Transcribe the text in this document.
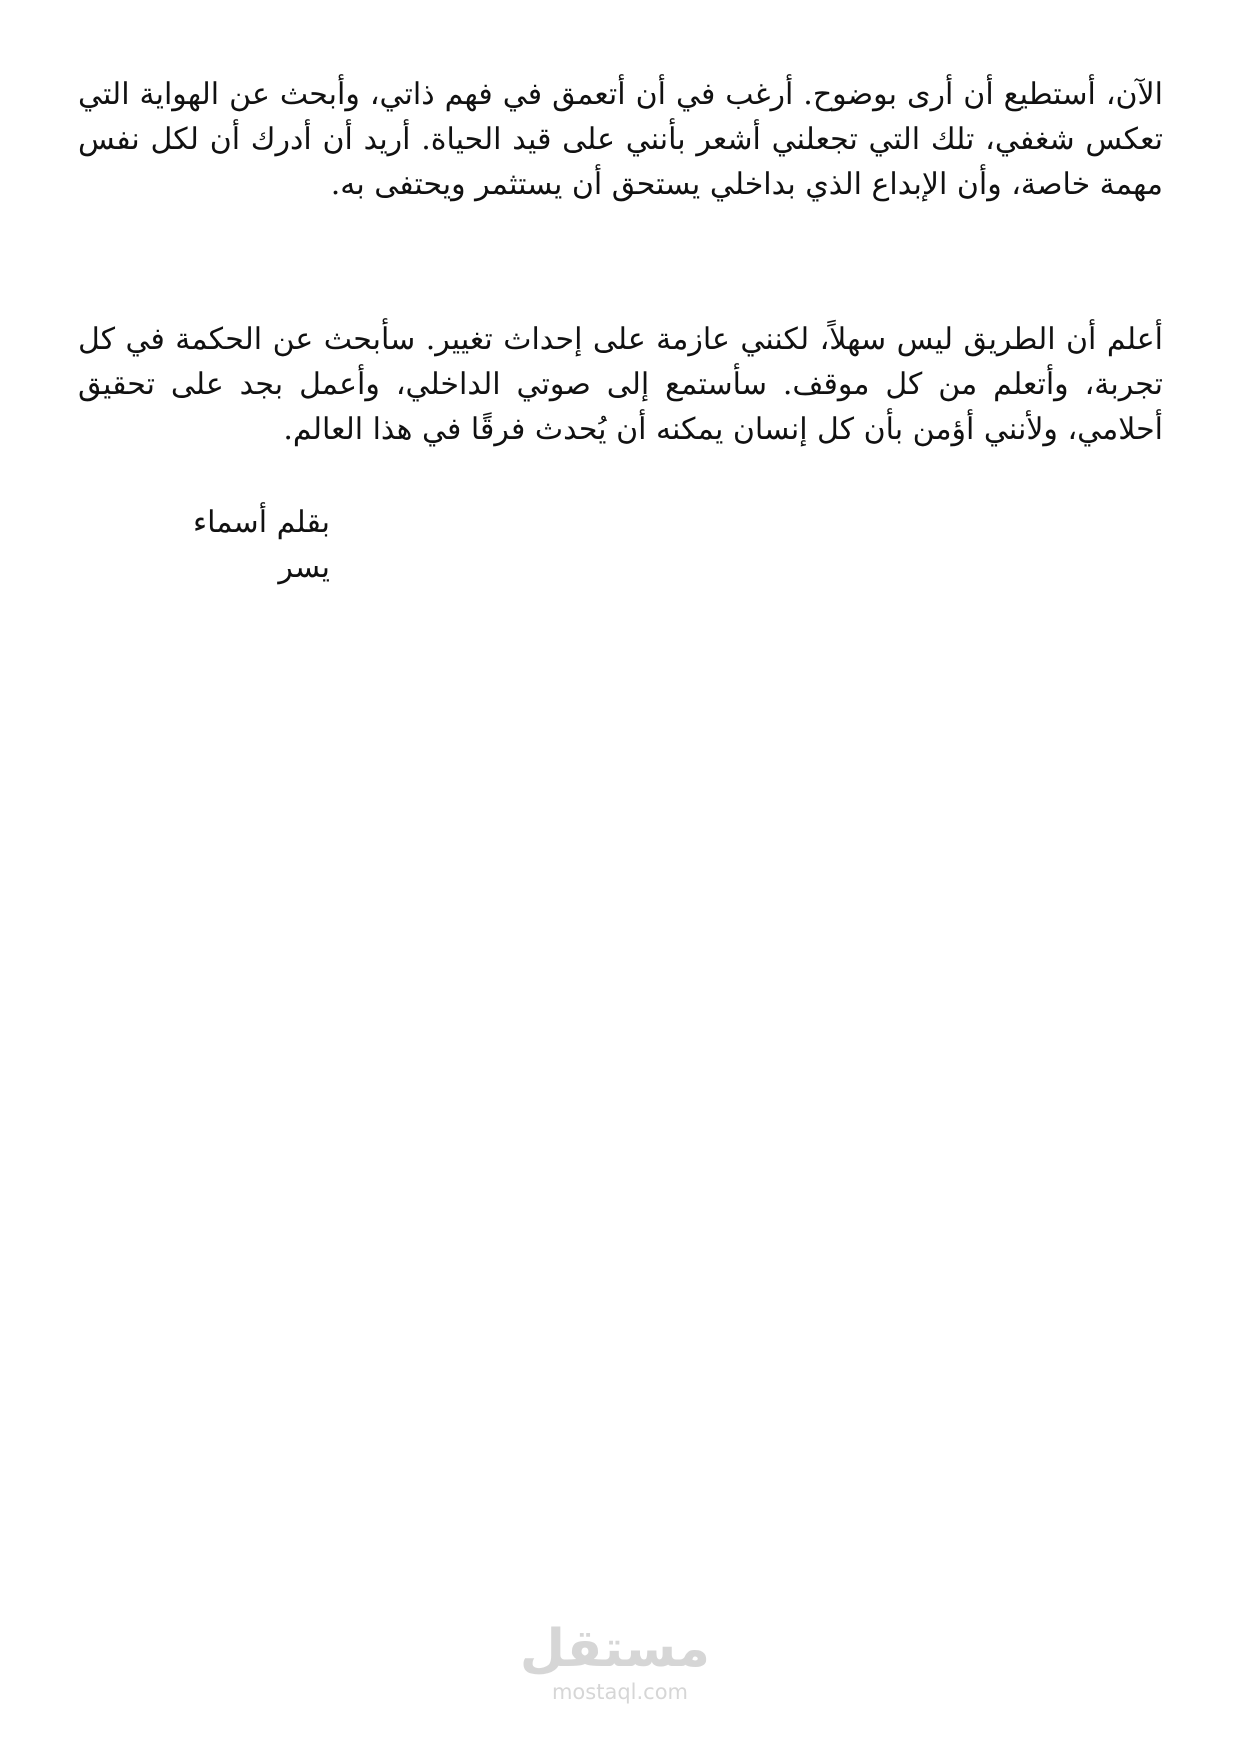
الآن، أستطيع أن أرى بوضوح. أرغب في أن أتعمق في فهم ذاتي، وأبحث عن الهواية التي تعكس شغفي، تلك التي تجعلني أشعر بأنني على قيد الحياة. أريد أن أدرك أن لكل نفس مهمة خاصة، وأن الإبداع الذي بداخلي يستحق أن يستثمر ويحتفى به.

أعلم أن الطريق ليس سهلاً، لكنني عازمة على إحداث تغيير. سأبحث عن الحكمة في كل تجربة، وأتعلم من كل موقف. سأستمع إلى صوتي الداخلي، وأعمل بجد على تحقيق أحلامي، ولأنني أؤمن بأن كل إنسان يمكنه أن يُحدث فرقًا في هذا العالم.

بقلم أسماء يسر

مستقل
mostaql.com
